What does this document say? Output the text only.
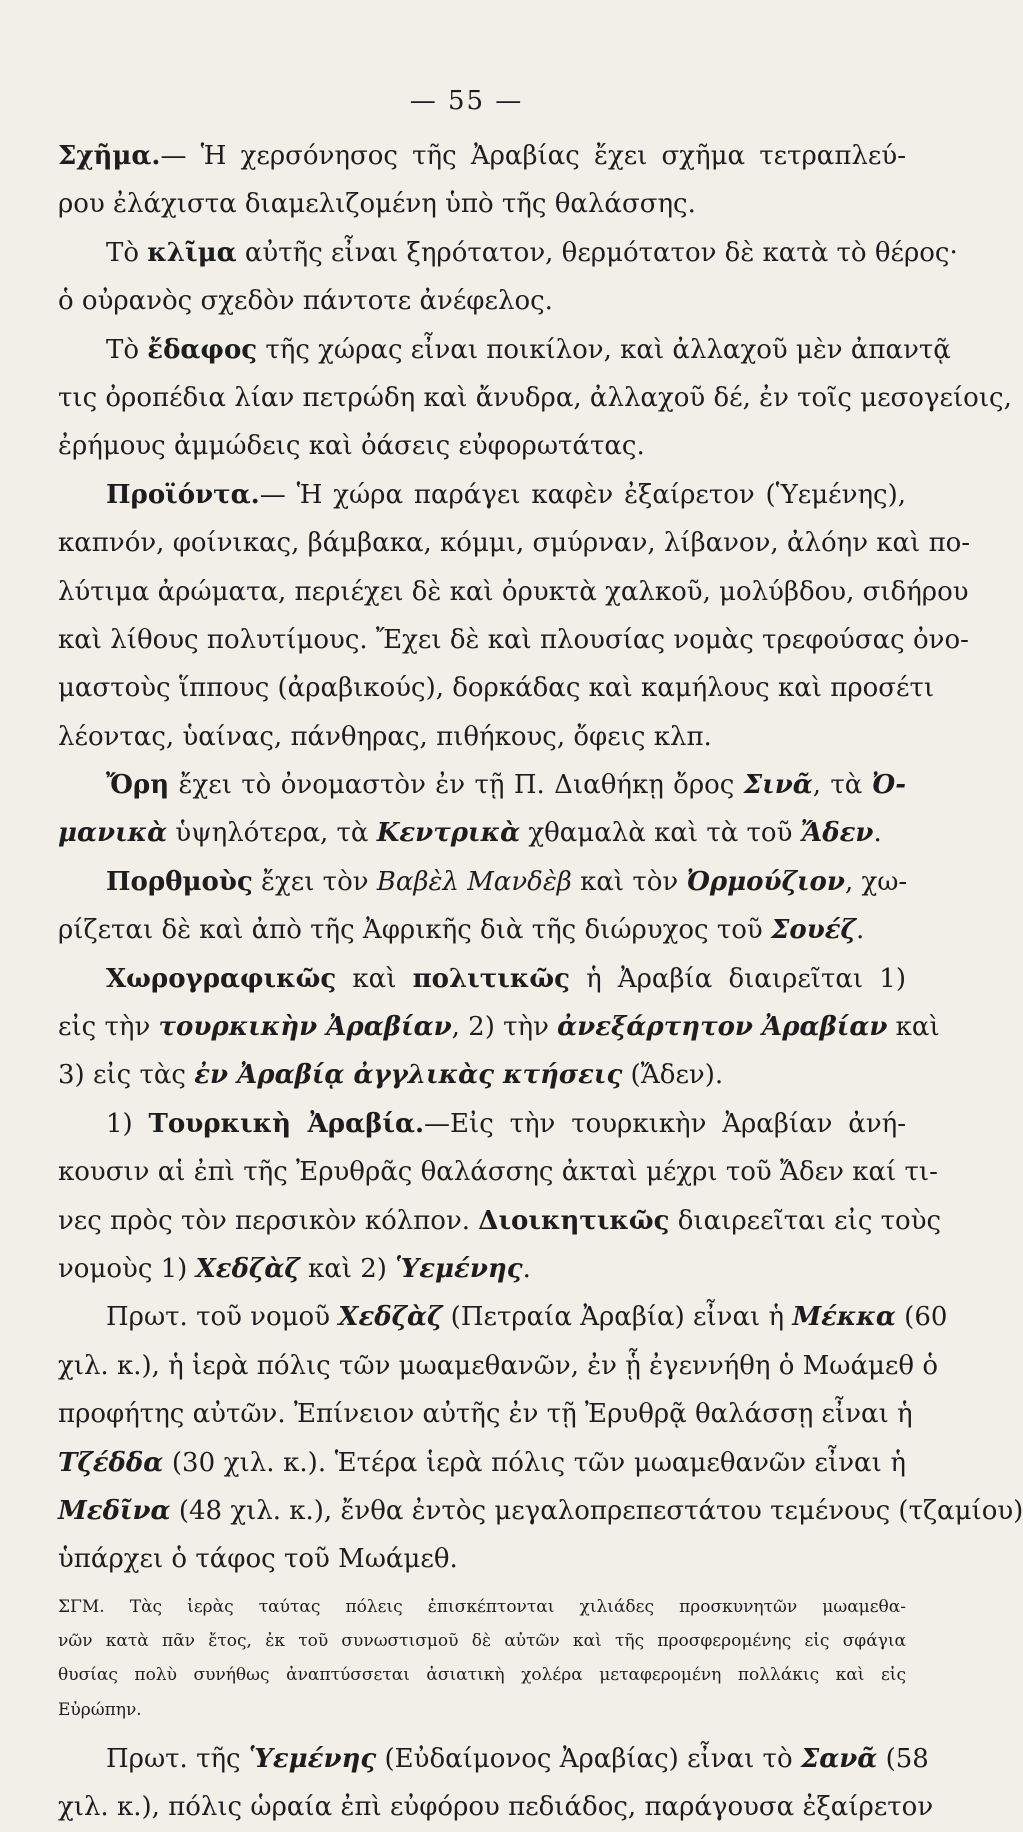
— 55 —
Σχῆμα.— Ἡ χερσόνησος τῆς Ἀραβίας ἔχει σχῆμα τετραπλεύ-
ρου ἐλάχιστα διαμελιζομένη ὑπὸ τῆς θαλάσσης.
Τὸ κλῖμα αὐτῆς εἶναι ξηρότατον, θερμότατον δὲ κατὰ τὸ θέρος·
ὁ οὐρανὸς σχεδὸν πάντοτε ἀνέφελος.
Τὸ ἔδαφος τῆς χώρας εἶναι ποικίλον, καὶ ἀλλαχοῦ μὲν ἀπαντᾷ
τις ὀροπέδια λίαν πετρώδη καὶ ἄνυδρα, ἀλλαχοῦ δέ, ἐν τοῖς μεσογείοις,
ἐρήμους ἀμμώδεις καὶ ὀάσεις εὐφορωτάτας.
Προϊόντα.— Ἡ χώρα παράγει καφὲν ἐξαίρετον (Ὑεμένης),
καπνόν, φοίνικας, βάμβακα, κόμμι, σμύρναν, λίβανον, ἀλόην καὶ πο-
λύτιμα ἀρώματα, περιέχει δὲ καὶ ὀρυκτὰ χαλκοῦ, μολύβδου, σιδήρου
καὶ λίθους πολυτίμους. Ἔχει δὲ καὶ πλουσίας νομὰς τρεφούσας ὀνο-
μαστοὺς ἵππους (ἀραβικούς), δορκάδας καὶ καμήλους καὶ προσέτι
λέοντας, ὑαίνας, πάνθηρας, πιθήκους, ὄφεις κλπ.
Ὄρη ἔχει τὸ ὀνομαστὸν ἐν τῇ Π. Διαθήκῃ ὄρος Σινᾶ, τὰ Ὀ-
μανικὰ ὑψηλότερα, τὰ Κεντρικὰ χθαμαλὰ καὶ τὰ τοῦ Ἄδεν.
Πορθμοὺς ἔχει τὸν Βαβὲλ Μανδὲβ καὶ τὸν Ὀρμούζιον, χω-
ρίζεται δὲ καὶ ἀπὸ τῆς Ἀφρικῆς διὰ τῆς διώρυχος τοῦ Σουέζ.
Χωρογραφικῶς καὶ πολιτικῶς ἡ Ἀραβία διαιρεῖται 1)
εἰς τὴν τουρκικὴν Ἀραβίαν, 2) τὴν ἀνεξάρτητον Ἀραβίαν καὶ
3) εἰς τὰς ἐν Ἀραβίᾳ ἀγγλικὰς κτήσεις (Ἄδεν).
1) Τουρκικὴ Ἀραβία.—Εἰς τὴν τουρκικὴν Ἀραβίαν ἀνή-
κουσιν αἱ ἐπὶ τῆς Ἐρυθρᾶς θαλάσσης ἀκταὶ μέχρι τοῦ Ἄδεν καί τι-
νες πρὸς τὸν περσικὸν κόλπον. Διοικητικῶς διαιρεεῖται εἰς τοὺς
νομοὺς 1) Χεδζὰζ καὶ 2) Ὑεμένης.
Πρωτ. τοῦ νομοῦ Χεδζὰζ (Πετραία Ἀραβία) εἶναι ἡ Μέκκα (60
χιλ. κ.), ἡ ἱερὰ πόλις τῶν μωαμεθανῶν, ἐν ᾗ ἐγεννήθη ὁ Μωάμεθ ὁ
προφήτης αὐτῶν. Ἐπίνειον αὐτῆς ἐν τῇ Ἐρυθρᾷ θαλάσσῃ εἶναι ἡ
Τζέδδα (30 χιλ. κ.). Ἑτέρα ἱερὰ πόλις τῶν μωαμεθανῶν εἶναι ἡ
Μεδῖνα (48 χιλ. κ.), ἔνθα ἐντὸς μεγαλοπρεπεστάτου τεμένους (τζαμίου)
ὑπάρχει ὁ τάφος τοῦ Μωάμεθ.
ΣΓΜ. Τὰς ἱερὰς ταύτας πόλεις ἐπισκέπτονται χιλιάδες προσκυνητῶν μωαμεθα-
νῶν κατὰ πᾶν ἔτος, ἐκ τοῦ συνωστισμοῦ δὲ αὐτῶν καὶ τῆς προσφερομένης εἰς σφάγια
θυσίας πολὺ συνήθως ἀναπτύσσεται ἀσιατικὴ χολέρα μεταφερομένη πολλάκις καὶ εἰς
Εὐρώπην.
Πρωτ. τῆς Ὑεμένης (Εὐδαίμονος Ἀραβίας) εἶναι τὸ Σανᾶ (58
χιλ. κ.), πόλις ὡραία ἐπὶ εὐφόρου πεδιάδος, παράγουσα ἐξαίρετον
